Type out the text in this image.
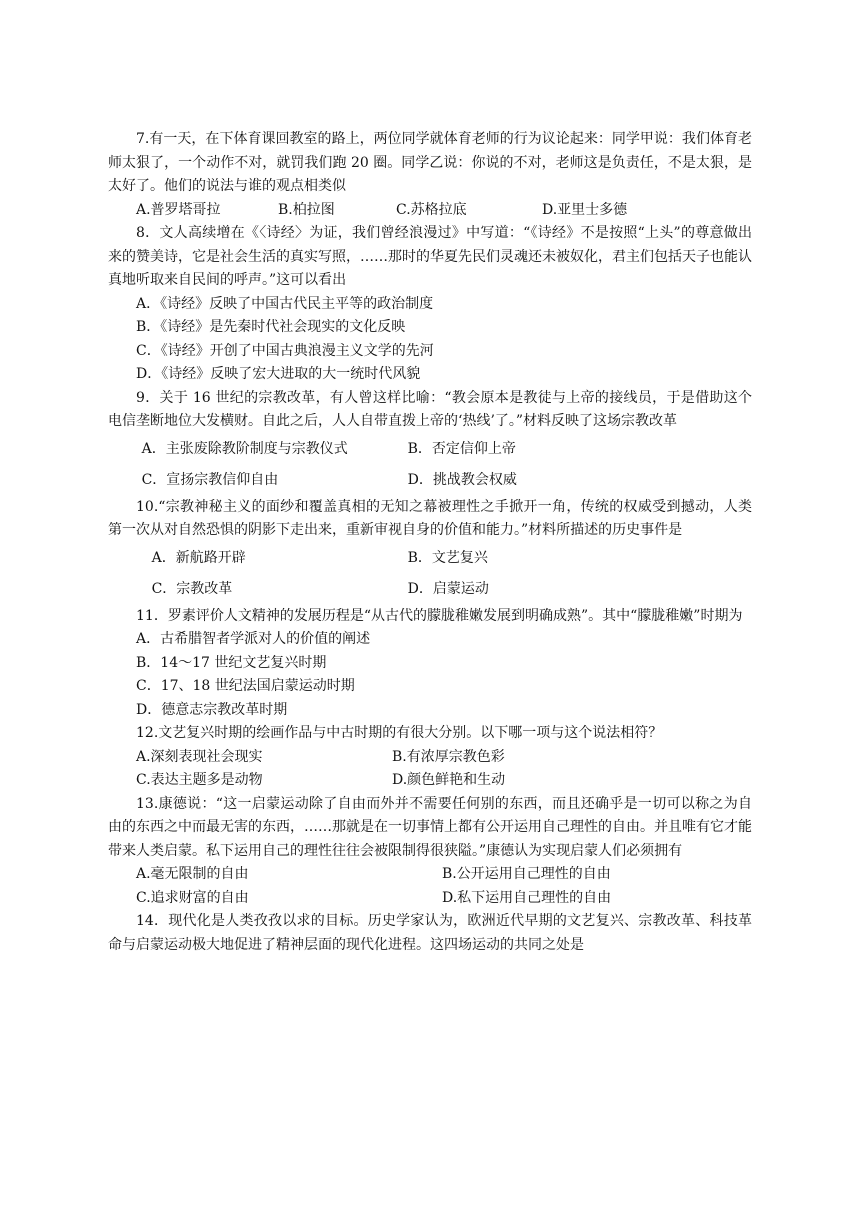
7.有一天，在下体育课回教室的路上，两位同学就体育老师的行为议论起来：同学甲说：我们体育老师太狠了，一个动作不对，就罚我们跑 20 圈。同学乙说：你说的不对，老师这是负责任，不是太狠，是太好了。他们的说法与谁的观点相类似
A.普罗塔哥拉	B.柏拉图	C.苏格拉底	D.亚里士多德
8．文人高续增在《〈诗经〉为证，我们曾经浪漫过》中写道：“《诗经》不是按照“上头”的尊意做出来的赞美诗，它是社会生活的真实写照，……那时的华夏先民们灵魂还未被奴化，君主们包括天子也能认真地听取来自民间的呼声。”这可以看出
A．《诗经》反映了中国古代民主平等的政治制度
B．《诗经》是先秦时代社会现实的文化反映
C．《诗经》开创了中国古典浪漫主义文学的先河
D．《诗经》反映了宏大进取的大一统时代风貌
9．关于 16 世纪的宗教改革，有人曾这样比喻：“教会原本是教徒与上帝的接线员，于是借助这个电信垄断地位大发横财。自此之后，人人自带直拨上帝的‘热线’了。”材料反映了这场宗教改革
A．主张废除教阶制度与宗教仪式	B．否定信仰上帝
C．宣扬宗教信仰自由	D．挑战教会权威
10.“宗教神秘主义的面纱和覆盖真相的无知之幕被理性之手掀开一角，传统的权威受到撼动，人类第一次从对自然恐惧的阴影下走出来，重新审视自身的价值和能力。”材料所描述的历史事件是
A．新航路开辟	B．文艺复兴
C．宗教改革	D．启蒙运动
11．罗素评价人文精神的发展历程是“从古代的朦胧稚嫩发展到明确成熟”。其中“朦胧稚嫩”时期为
A．古希腊智者学派对人的价值的阐述
B．14～17 世纪文艺复兴时期
C．17、18 世纪法国启蒙运动时期
D．德意志宗教改革时期
12.文艺复兴时期的绘画作品与中古时期的有很大分别。以下哪一项与这个说法相符？
A.深刻表现社会现实	B.有浓厚宗教色彩
C.表达主题多是动物	D.颜色鲜艳和生动
13.康德说：“这一启蒙运动除了自由而外并不需要任何别的东西，而且还确乎是一切可以称之为自由的东西之中而最无害的东西，……那就是在一切事情上都有公开运用自己理性的自由。并且唯有它才能带来人类启蒙。私下运用自己的理性往往会被限制得很狭隘。”康德认为实现启蒙人们必须拥有
A.毫无限制的自由	B.公开运用自己理性的自由
C.追求财富的自由	D.私下运用自己理性的自由
14．现代化是人类孜孜以求的目标。历史学家认为，欧洲近代早期的文艺复兴、宗教改革、科技革命与启蒙运动极大地促进了精神层面的现代化进程。这四场运动的共同之处是
